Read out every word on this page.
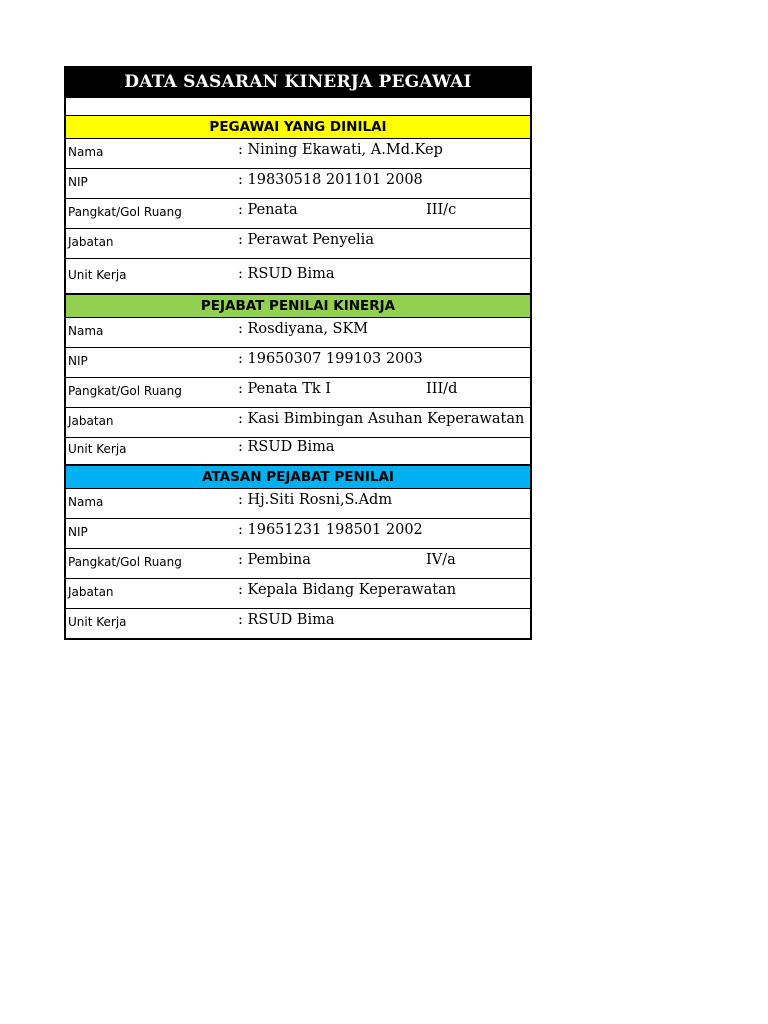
DATA SASARAN KINERJA PEGAWAI
PEGAWAI YANG DINILAI
Nama	: Nining Ekawati, A.Md.Kep
NIP	: 19830518 201101 2008
Pangkat/Gol Ruang	: Penata	III/c
Jabatan	: Perawat Penyelia
Unit Kerja	: RSUD Bima
PEJABAT PENILAI KINERJA
Nama	: Rosdiyana, SKM
NIP	: 19650307 199103 2003
Pangkat/Gol Ruang	: Penata Tk I	III/d
Jabatan	: Kasi Bimbingan Asuhan Keperawatan
Unit Kerja	: RSUD Bima
ATASAN PEJABAT PENILAI
Nama	: Hj.Siti Rosni,S.Adm
NIP	: 19651231 198501 2002
Pangkat/Gol Ruang	: Pembina	IV/a
Jabatan	: Kepala Bidang Keperawatan
Unit Kerja	: RSUD Bima
